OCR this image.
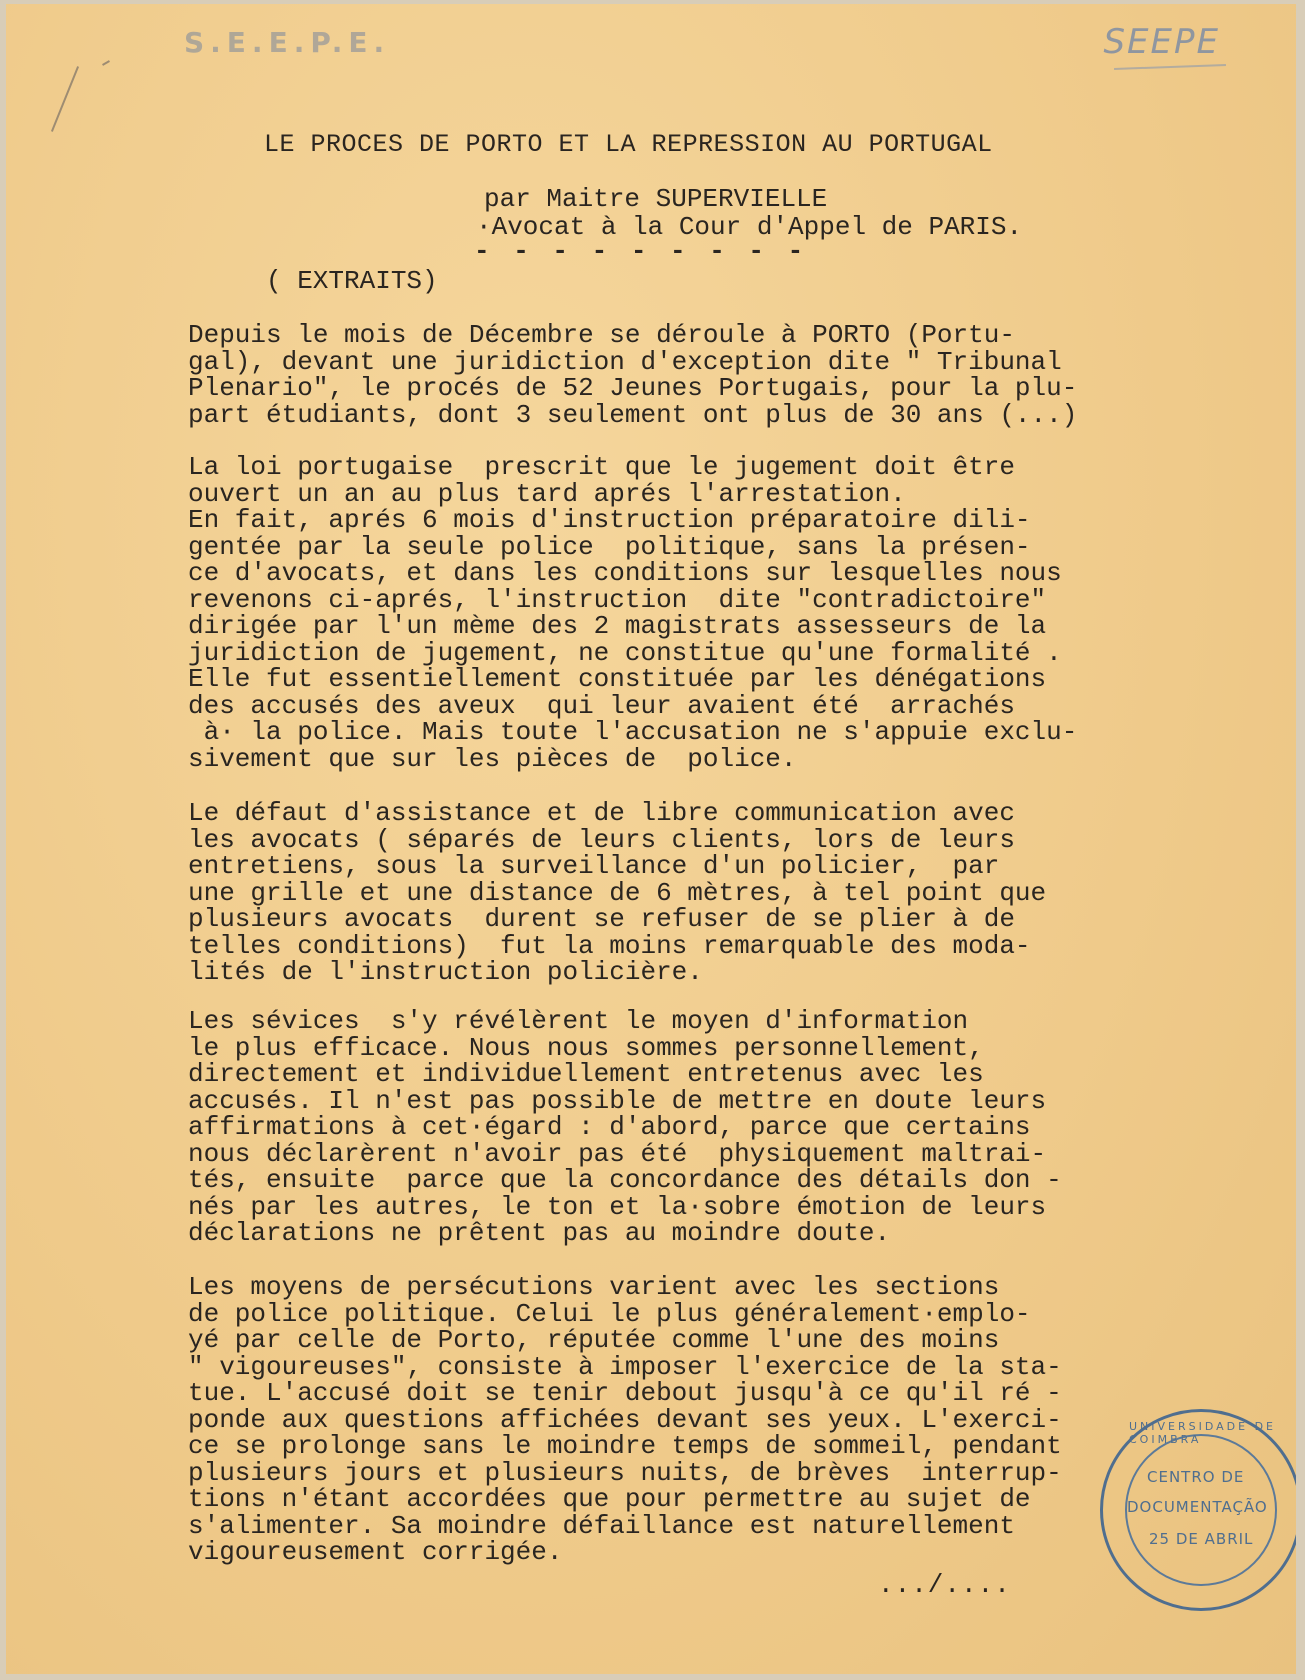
S.E.E.P.E.	SEEPE
LE PROCES DE PORTO ET LA REPRESSION AU PORTUGAL
par Maitre SUPERVIELLE
·Avocat à la Cour d'Appel de PARIS.
- - - - - - - - -
( EXTRAITS)
Depuis le mois de Décembre se déroule à PORTO (Portu-
gal), devant une juridiction d'exception dite " Tribunal
Plenario", le procés de 52 Jeunes Portugais, pour la plu-
part étudiants, dont 3 seulement ont plus de 30 ans (...)
La loi portugaise  prescrit que le jugement doit être
ouvert un an au plus tard aprés l'arrestation.
En fait, aprés 6 mois d'instruction préparatoire dili-
gentée par la seule police  politique, sans la présen-
ce d'avocats, et dans les conditions sur lesquelles nous
revenons ci-aprés, l'instruction  dite "contradictoire"
dirigée par l'un mème des 2 magistrats assesseurs de la
juridiction de jugement, ne constitue qu'une formalité .
Elle fut essentiellement constituée par les dénégations
des accusés des aveux  qui leur avaient été  arrachés
à· la police. Mais toute l'accusation ne s'appuie exclu-
sivement que sur les pièces de  police.
Le défaut d'assistance et de libre communication avec
les avocats ( séparés de leurs clients, lors de leurs
entretiens, sous la surveillance d'un policier,  par
une grille et une distance de 6 mètres, à tel point que
plusieurs avocats  durent se refuser de se plier à de
telles conditions)  fut la moins remarquable des moda-
lités de l'instruction policière.
Les sévices  s'y révélèrent le moyen d'information
le plus efficace. Nous nous sommes personnellement,
directement et individuellement entretenus avec les
accusés. Il n'est pas possible de mettre en doute leurs
affirmations à cet·égard : d'abord, parce que certains
nous déclarèrent n'avoir pas été  physiquement maltrai-
tés, ensuite  parce que la concordance des détails don -
nés par les autres, le ton et la·sobre émotion de leurs
déclarations ne prêtent pas au moindre doute.
Les moyens de persécutions varient avec les sections
de police politique. Celui le plus généralement·emplo-
yé par celle de Porto, réputée comme l'une des moins
" vigoureuses", consiste à imposer l'exercice de la sta-
tue. L'accusé doit se tenir debout jusqu'à ce qu'il ré -
ponde aux questions affichées devant ses yeux. L'exerci-
ce se prolonge sans le moindre temps de sommeil, pendant
plusieurs jours et plusieurs nuits, de brèves  interrup-
tions n'étant accordées que pour permettre au sujet de
s'alimenter. Sa moindre défaillance est naturellement
vigoureusement corrigée.
.../....
UNIVERSIDADE DE COIMBRA
CENTRO DE
DOCUMENTAÇÃO
25 DE ABRIL
